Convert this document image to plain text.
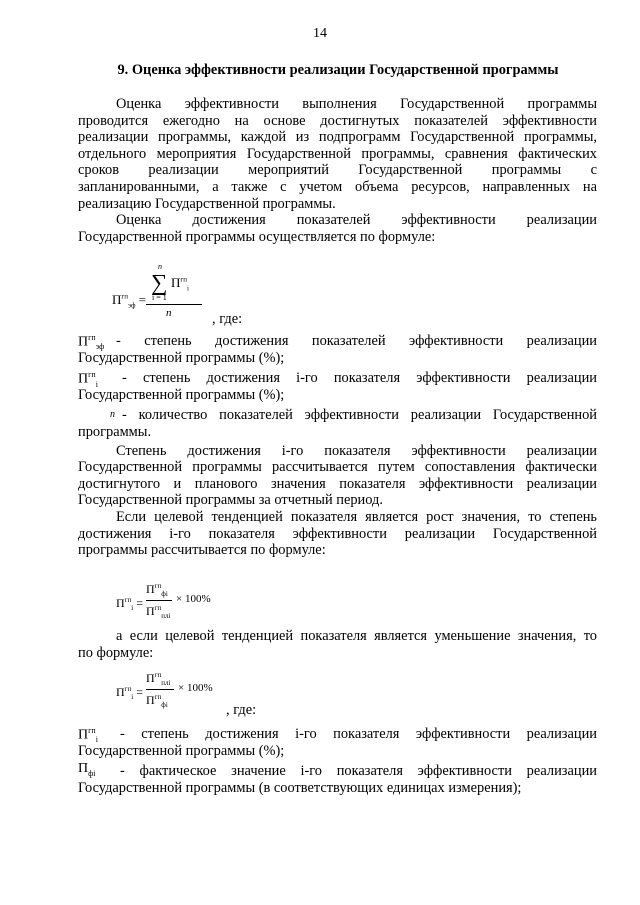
14
9. Оценка эффективности реализации Государственной программы
Оценка эффективности выполнения Государственной программы
проводится ежегодно на основе достигнутых показателей эффективности
реализации программы, каждой из подпрограмм Государственной программы,
отдельного мероприятия Государственной программы, сравнения фактических
сроков реализации мероприятий Государственной программы с
запланированными, а также с учетом объема ресурсов, направленных на
реализацию Государственной программы.
Оценка достижения показателей эффективности реализации
Государственной программы осуществляется по формуле:
n
∑ $П^{гп}_i$
i = 1
$П^{гп}_{эф}$ =
n	, где:
$П^{гп}_{эф}$ - степень достижения показателей эффективности реализации
Государственной программы (%);
$П^{гп}_i$ - степень достижения i-го показателя эффективности реализации
Государственной программы (%);
n - количество показателей эффективности реализации Государственной
программы.
Степень достижения i-го показателя эффективности реализации
Государственной программы рассчитывается путем сопоставления фактически
достигнутого и планового значения показателя эффективности реализации
Государственной программы за отчетный период.
Если целевой тенденцией показателя является рост значения, то степень
достижения i-го показателя эффективности реализации Государственной
программы рассчитывается по формуле:
$П^{гп}_i$ =
$П^{гп}_{фi}$
$П^{гп}_{плi}$
× 100%
а если целевой тенденцией показателя является уменьшение значения, то
по формуле:
$П^{гп}_i$ =
$П^{гп}_{плi}$
$П^{гп}_{фi}$
× 100%
, где:
$П^{гп}_i$ - степень достижения i-го показателя эффективности реализации
Государственной программы (%);
$П_{фi}$ - фактическое значение i-го показателя эффективности реализации
Государственной программы (в соответствующих единицах измерения);
